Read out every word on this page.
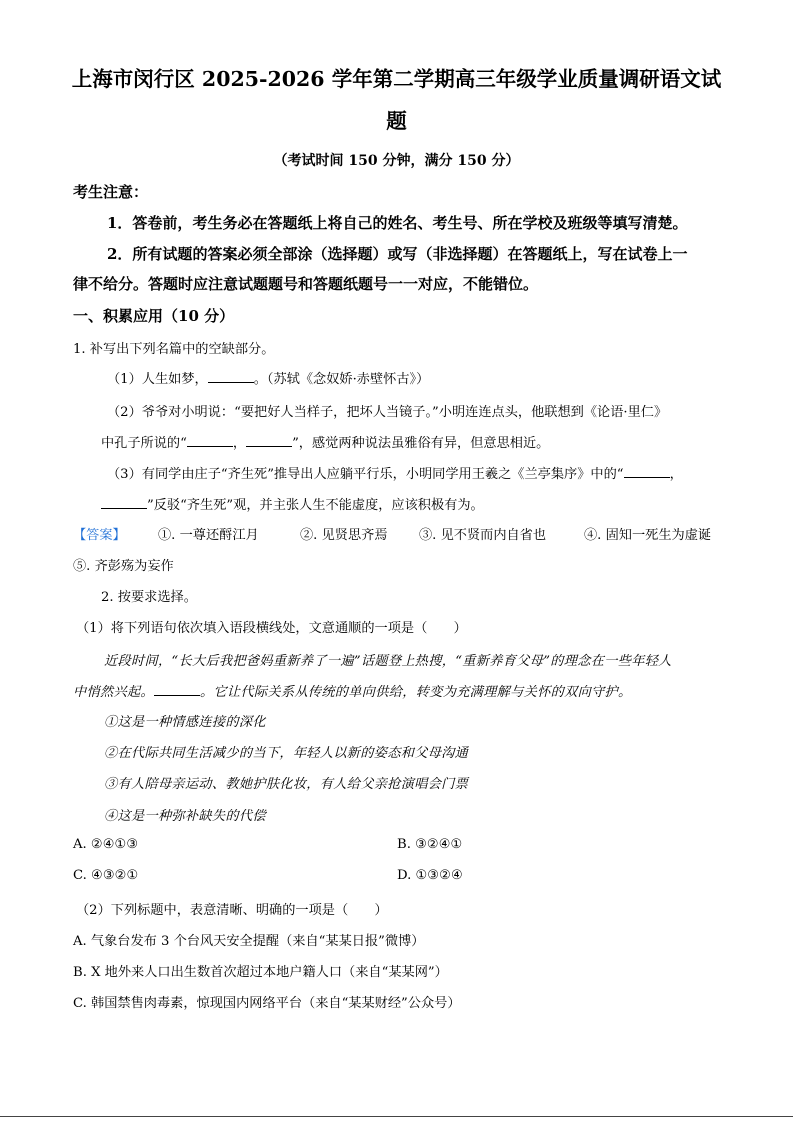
上海市闵行区 2025-2026 学年第二学期高三年级学业质量调研语文试
题

（考试时间 150 分钟，满分 150 分）

考生注意：

1．答卷前，考生务必在答题纸上将自己的姓名、考生号、所在学校及班级等填写清楚。

2．所有试题的答案必须全部涂（选择题）或写（非选择题）在答题纸上，写在试卷上一

律不给分。答题时应注意试题题号和答题纸题号一一对应，不能错位。

一、积累应用（10 分）

1. 补写出下列名篇中的空缺部分。

（1）人生如梦，	。（苏轼《念奴娇·赤壁怀古》）

（2）爷爷对小明说：“要把好人当样子，把坏人当镜子。”小明连连点头，他联想到《论语·里仁》

中孔子所说的“	，	”，感觉两种说法虽雅俗有异，但意思相近。

（3）有同学由庄子“齐生死”推导出人应躺平行乐，小明同学用王羲之《兰亭集序》中的“	，

”反驳“齐生死”观，并主张人生不能虚度，应该积极有为。

【答案】 ①. 一尊还酹江月	②. 见贤思齐焉 ③. 见不贤而内自省也	④. 固知一死生为虚诞

⑤. 齐彭殇为妄作

2. 按要求选择。

（1）将下列语句依次填入语段横线处，文意通顺的一项是（　　）

近段时间，“长大后我把爸妈重新养了一遍”话题登上热搜，“重新养育父母”的理念在一些年轻人

中悄然兴起。	。它让代际关系从传统的单向供给，转变为充满理解与关怀的双向守护。

①这是一种情感连接的深化

②在代际共同生活减少的当下，年轻人以新的姿态和父母沟通

③有人陪母亲运动、教她护肤化妆，有人给父亲抢演唱会门票

④这是一种弥补缺失的代偿

A. ②④①③	B. ③②④①

C. ④③②①	D. ①③②④

（2）下列标题中，表意清晰、明确的一项是（　　）

A. 气象台发布 3 个台风天安全提醒（来自“某某日报”微博）

B. X 地外来人口出生数首次超过本地户籍人口（来自“某某网”）

C. 韩国禁售肉毒素，惊现国内网络平台（来自“某某财经”公众号）
